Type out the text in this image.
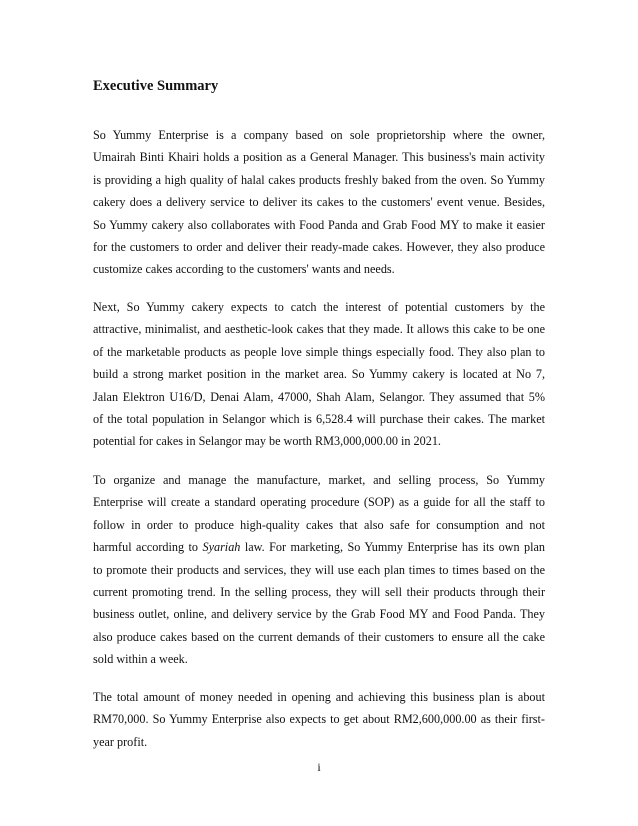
Executive Summary

So Yummy Enterprise is a company based on sole proprietorship where the owner,
Umairah Binti Khairi holds a position as a General Manager. This business's main activity
is providing a high quality of halal cakes products freshly baked from the oven. So Yummy
cakery does a delivery service to deliver its cakes to the customers' event venue. Besides,
So Yummy cakery also collaborates with Food Panda and Grab Food MY to make it easier
for the customers to order and deliver their ready-made cakes. However, they also produce
customize cakes according to the customers' wants and needs.

Next, So Yummy cakery expects to catch the interest of potential customers by the
attractive, minimalist, and aesthetic-look cakes that they made. It allows this cake to be one
of the marketable products as people love simple things especially food. They also plan to
build a strong market position in the market area. So Yummy cakery is located at No 7,
Jalan Elektron U16/D, Denai Alam, 47000, Shah Alam, Selangor. They assumed that 5%
of the total population in Selangor which is 6,528.4 will purchase their cakes. The market
potential for cakes in Selangor may be worth RM3,000,000.00 in 2021.

To organize and manage the manufacture, market, and selling process, So Yummy
Enterprise will create a standard operating procedure (SOP) as a guide for all the staff to
follow in order to produce high-quality cakes that also safe for consumption and not
harmful according to Syariah law. For marketing, So Yummy Enterprise has its own plan
to promote their products and services, they will use each plan times to times based on the
current promoting trend. In the selling process, they will sell their products through their
business outlet, online, and delivery service by the Grab Food MY and Food Panda. They
also produce cakes based on the current demands of their customers to ensure all the cake
sold within a week.

The total amount of money needed in opening and achieving this business plan is about
RM70,000. So Yummy Enterprise also expects to get about RM2,600,000.00 as their first-
year profit.

i
